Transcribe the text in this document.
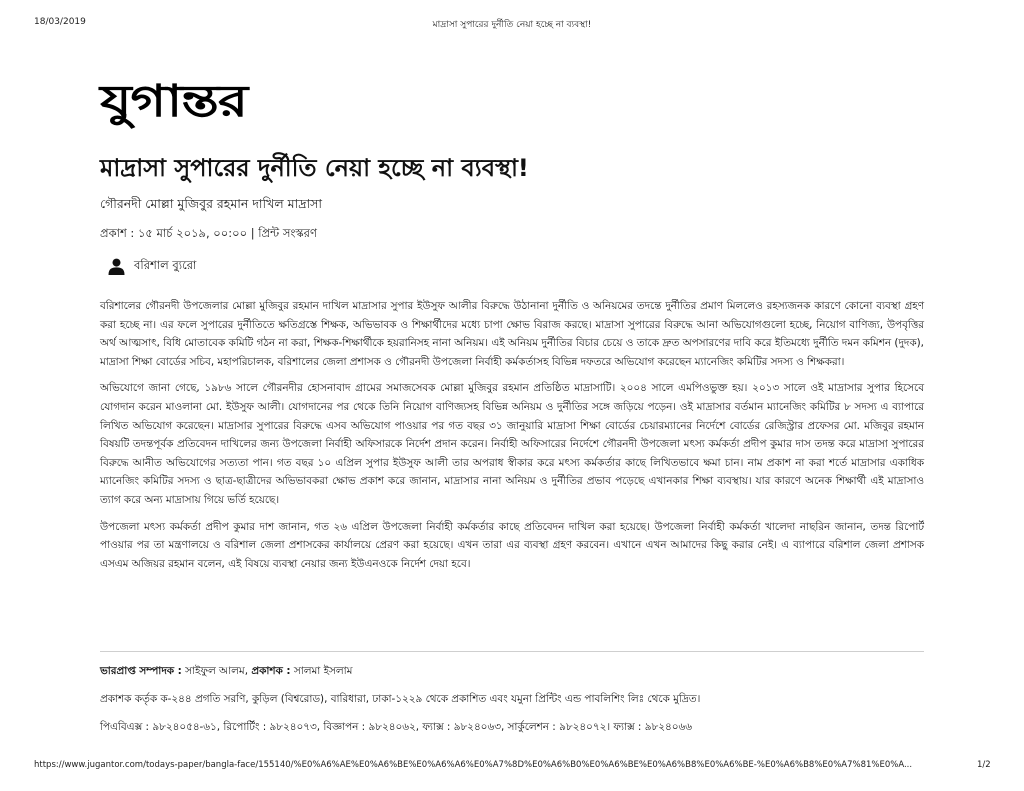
18/03/2019	মাদ্রাসা সুপারের দুর্নীতি নেয়া হচ্ছে না ব্যবস্থা!
যুগান্তর
মাদ্রাসা সুপারের দুর্নীতি নেয়া হচ্ছে না ব্যবস্থা!
গৌরনদী মোল্লা মুজিবুর রহমান দাখিল মাদ্রাসা
প্রকাশ : ১৫ মার্চ ২০১৯, ০০:০০ | প্রিন্ট সংস্করণ
বরিশাল ব্যুরো

বরিশালের গৌরনদী উপজেলার মোল্লা মুজিবুর রহমান দাখিল মাদ্রাসার সুপার ইউসুফ আলীর বিরুদ্ধে উঠানানা দুর্নীতি ও অনিয়মের তদন্তে দুর্নীতির প্রমাণ মিললেও রহস্যজনক কারণে কোনো ব্যবস্থা গ্রহণ করা হচ্ছে না। এর ফলে সুপারের দুর্নীতিতে ক্ষতিগ্রস্তে শিক্ষক, অভিভাবক ও শিক্ষার্থীদের মধ্যে চাপা ক্ষোভ বিরাজ করছে। মাদ্রাসা সুপারের বিরুদ্ধে আনা অভিযোগগুলো হচ্ছে, নিয়োগ বাণিজ্য, উপবৃত্তির অর্থ আত্মসাৎ, বিধি মোতাবেক কমিটি গঠন না করা, শিক্ষক-শিক্ষার্থীকে হয়রানিসহ নানা অনিয়ম। এই অনিয়ম দুর্নীতির বিচার চেয়ে ও তাকে দ্রুত অপসারণের দাবি করে ইতিমধ্যে দুর্নীতি দমন কমিশন (দুদক), মাদ্রাসা শিক্ষা বোর্ডের সচিব, মহাপরিচালক, বরিশালের জেলা প্রশাসক ও গৌরনদী উপজেলা নির্বাহী কর্মকর্তাসহ বিভিন্ন দফতরে অভিযোগ করেছেন ম্যানেজিং কমিটির সদস্য ও শিক্ষকরা।

অভিযোগে জানা গেছে, ১৯৮৬ সালে গৌরনদীর হোসনাবাদ গ্রামের সমাজসেবক মোল্লা মুজিবুর রহমান প্রতিষ্ঠিত মাদ্রাসাটি। ২০০৪ সালে এমপিওভুক্ত হয়। ২০১৩ সালে ওই মাদ্রাসার সুপার হিসেবে যোগদান করেন মাওলানা মো. ইউসুফ আলী। যোগদানের পর থেকে তিনি নিয়োগ বাণিজ্যসহ বিভিন্ন অনিয়ম ও দুর্নীতির সঙ্গে জড়িয়ে পড়েন। ওই মাদ্রাসার বর্তমান ম্যানেজিং কমিটির ৮ সদস্য এ ব্যাপারে লিখিত অভিযোগ করেছেন। মাদ্রাসার সুপারের বিরুদ্ধে এসব অভিযোগ পাওয়ার পর গত বছর ৩১ জানুয়ারি মাদ্রাসা শিক্ষা বোর্ডের চেয়ারম্যানের নির্দেশে বোর্ডের রেজিস্ট্রার প্রফেসর মো. মজিবুর রহমান বিষয়টি তদন্তপূর্বক প্রতিবেদন দাখিলের জন্য উপজেলা নির্বাহী অফিসারকে নির্দেশ প্রদান করেন। নির্বাহী অফিসারের নির্দেশে গৌরনদী উপজেলা মৎস্য কর্মকর্তা প্রদীপ কুমার দাস তদন্ত করে মাদ্রাসা সুপারের বিরুদ্ধে আনীত অভিযোগের সত্যতা পান। গত বছর ১০ এপ্রিল সুপার ইউসুফ আলী তার অপরাধ স্বীকার করে মৎস্য কর্মকর্তার কাছে লিখিতভাবে ক্ষমা চান। নাম প্রকাশ না করা শর্তে মাদ্রাসার একাধিক ম্যানেজিং কমিটির সদস্য ও ছাত্র-ছাত্রীদের অভিভাবকরা ক্ষোভ প্রকাশ করে জানান, মাদ্রাসার নানা অনিয়ম ও দুর্নীতির প্রভাব পড়েছে এখানকার শিক্ষা ব্যবস্থায়। যার কারণে অনেক শিক্ষার্থী এই মাদ্রাসাও ত্যাগ করে অন্য মাদ্রাসায় গিয়ে ভর্তি হয়েছে।

উপজেলা মৎস্য কর্মকর্তা প্রদীপ কুমার দাশ জানান, গত ২৬ এপ্রিল উপজেলা নির্বাহী কর্মকর্তার কাছে প্রতিবেদন দাখিল করা হয়েছে। উপজেলা নির্বাহী কর্মকর্তা খালেদা নাছরিন জানান, তদন্ত রিপোর্ট পাওয়ার পর তা মন্ত্রণালয়ে ও বরিশাল জেলা প্রশাসকের কার্যালয়ে প্রেরণ করা হয়েছে। এখন তারা এর ব্যবস্থা গ্রহণ করবেন। এখানে এখন আমাদের কিছু করার নেই। এ ব্যাপারে বরিশাল জেলা প্রশাসক এসএম অজিয়র রহমান বলেন, এই বিষয়ে ব্যবস্থা নেয়ার জন্য ইউএনওকে নির্দেশ দেয়া হবে।

ভারপ্রাপ্ত সম্পাদক : সাইফুল আলম, প্রকাশক : সালমা ইসলাম
প্রকাশক কর্তৃক ক-২৪৪ প্রগতি সরণি, কুড়িল (বিশ্বরোড), বারিধারা, ঢাকা-১২২৯ থেকে প্রকাশিত এবং যমুনা প্রিন্টিং এন্ড পাবলিশিং লিঃ থেকে মুদ্রিত।
পিএবিএক্স : ৯৮২৪০৫৪-৬১, রিপোর্টিং : ৯৮২৪০৭৩, বিজ্ঞাপন : ৯৮২৪০৬২, ফ্যাক্স : ৯৮২৪০৬৩, সার্কুলেশন : ৯৮২৪০৭২। ফ্যাক্স : ৯৮২৪০৬৬
https://www.jugantor.com/todays-paper/bangla-face/155140/%E0%A6%AE%E0%A6%BE%E0%A6%A6%E0%A7%8D%E0%A6%B0%E0%A6%BE%E0%A6%B8%E0%A6%BE-%E0%A6%B8%E0%A7%81%E0%A...	1/2
